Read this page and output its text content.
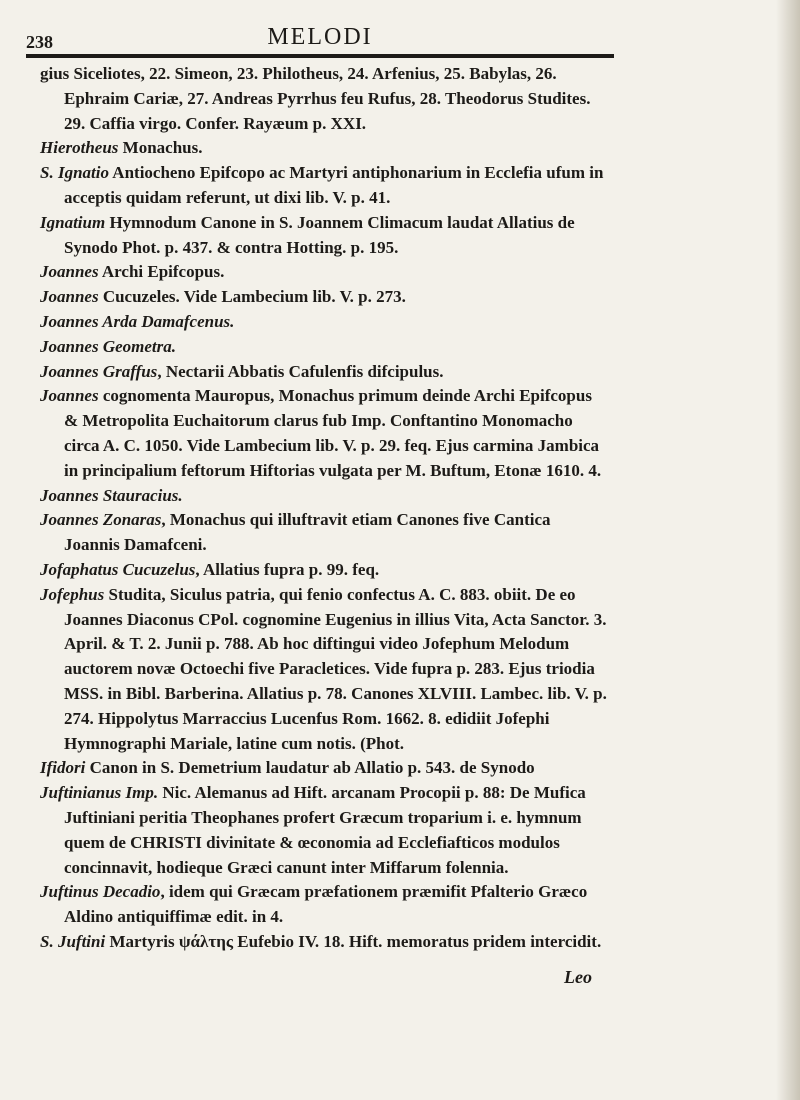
238	MELODI

gius Siceliotes, 22. Simeon, 23. Philotheus, 24. Arfenius, 25. Babylas, 26. Ephraim Cariæ, 27. Andreas Pyrrhus feu Rufus, 28. Theodorus Studites. 29. Caffia virgo. Confer. Rayæum p. XXI.

Hierotheus Monachus.

S. Ignatio Antiocheno Epifcopo ac Martyri antiphonarium in Ecclefia ufum in acceptis quidam referunt, ut dixi lib. V. p. 41.

Ignatium Hymnodum Canone in S. Joannem Climacum laudat Allatius de Synodo Phot. p. 437. & contra Hotting. p. 195.

Joannes Archi Epifcopus.

Joannes Cucuzeles. Vide Lambecium lib. V. p. 273.

Joannes Arda Damafcenus.

Joannes Geometra.

Joannes Graffus, Nectarii Abbatis Cafulenfis difcipulus.

Joannes cognomenta Mauropus, Monachus primum deinde Archi Epifcopus & Metropolita Euchaitorum clarus fub Imp. Conftantino Monomacho circa A. C. 1050. Vide Lambecium lib. V. p. 29. feq. Ejus carmina Jambica in principalium feftorum Hiftorias vulgata per M. Buftum, Etonæ 1610. 4.

Joannes Stauracius.

Joannes Zonaras, Monachus qui illuftravit etiam Canones five Cantica Joannis Damafceni.

Jofaphatus Cucuzelus, Allatius fupra p. 99. feq.

Jofephus Studita, Siculus patria, qui fenio confectus A. C. 883. obiit. De eo Joannes Diaconus CPol. cognomine Eugenius in illius Vita, Acta Sanctor. 3. April. & T. 2. Junii p. 788. Ab hoc diftingui video Jofephum Melodum auctorem novæ Octoechi five Paracletices. Vide fupra p. 283. Ejus triodia MSS. in Bibl. Barberina. Allatius p. 78. Canones XLVIII. Lambec. lib. V. p. 274. Hippolytus Marraccius Lucenfus Rom. 1662. 8. edidiit Jofephi Hymnographi Mariale, latine cum notis. (Phot.

Ifidori Canon in S. Demetrium laudatur ab Allatio p. 543. de Synodo

Juftinianus Imp. Nic. Alemanus ad Hift. arcanam Procopii p. 88: De Mufica Juftiniani peritia Theophanes profert Græcum troparium i. e. hymnum quem de CHRISTI divinitate & œconomia ad Ecclefiafticos modulos concinnavit, hodieque Græci canunt inter Miffarum folennia.

Juftinus Decadio, idem qui Græcam præfationem præmifit Pfalterio Græco Aldino antiquiffimæ edit. in 4.

S. Juftini Martyris ψάλτης Eufebio IV. 18. Hift. memoratus pridem intercidit.

Leo
